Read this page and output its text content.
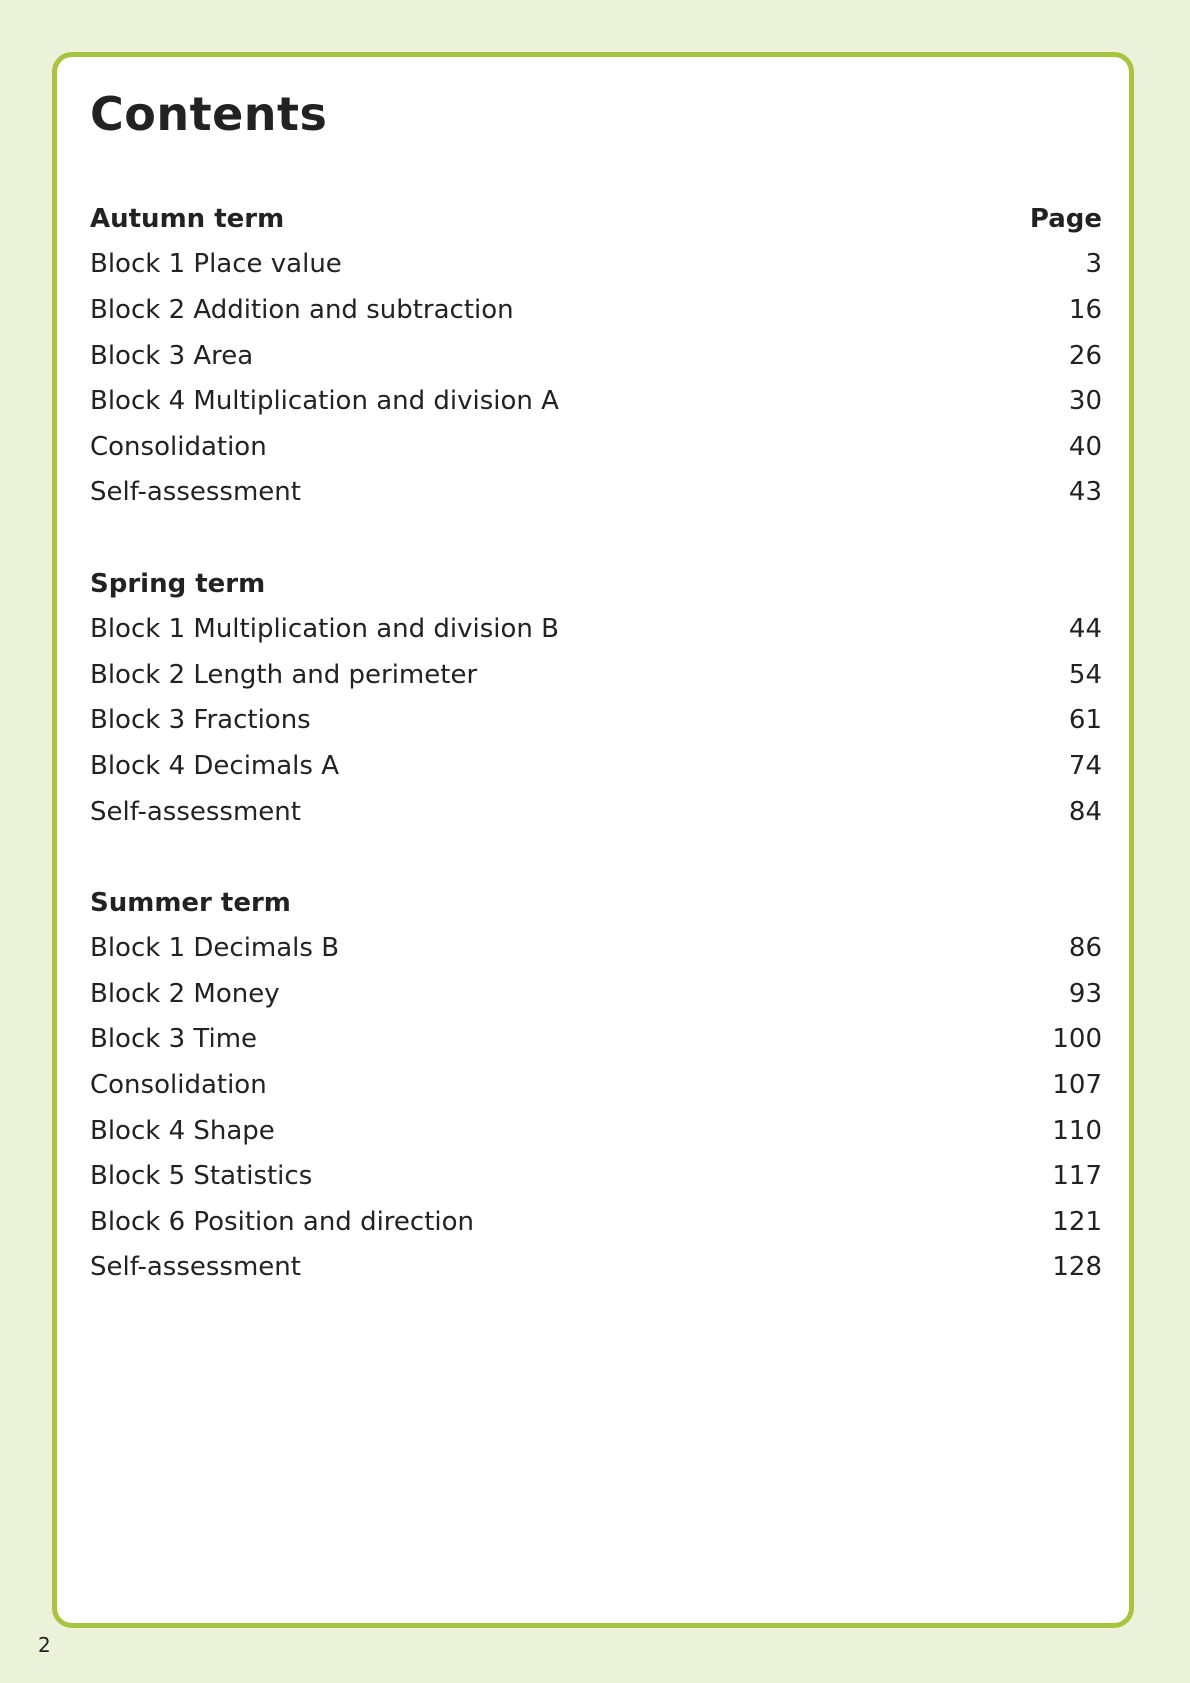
Contents
Autumn term	Page
Block 1 Place value	3
Block 2 Addition and subtraction	16
Block 3 Area	26
Block 4 Multiplication and division A	30
Consolidation	40
Self-assessment	43
Spring term
Block 1 Multiplication and division B	44
Block 2 Length and perimeter	54
Block 3 Fractions	61
Block 4 Decimals A	74
Self-assessment	84
Summer term
Block 1 Decimals B	86
Block 2 Money	93
Block 3 Time	100
Consolidation	107
Block 4 Shape	110
Block 5 Statistics	117
Block 6 Position and direction	121
Self-assessment	128
2
